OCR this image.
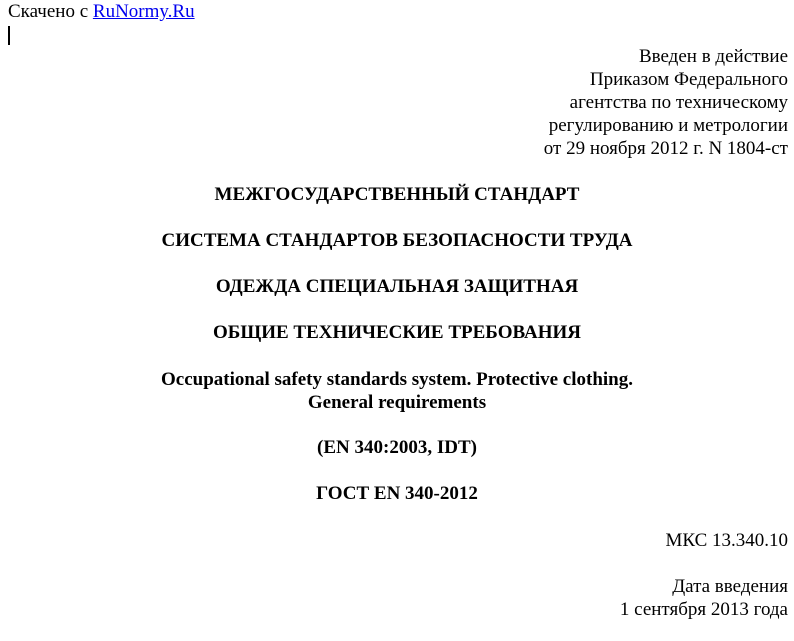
Скачено с RuNormy.Ru
Введен в действие
Приказом Федерального
агентства по техническому
регулированию и метрологии
от 29 ноября 2012 г. N 1804-ст
МЕЖГОСУДАРСТВЕННЫЙ СТАНДАРТ
СИСТЕМА СТАНДАРТОВ БЕЗОПАСНОСТИ ТРУДА
ОДЕЖДА СПЕЦИАЛЬНАЯ ЗАЩИТНАЯ
ОБЩИЕ ТЕХНИЧЕСКИЕ ТРЕБОВАНИЯ
Occupational safety standards system. Protective clothing.
General requirements
(EN 340:2003, IDT)
ГОСТ EN 340-2012
МКС 13.340.10
Дата введения
1 сентября 2013 года
